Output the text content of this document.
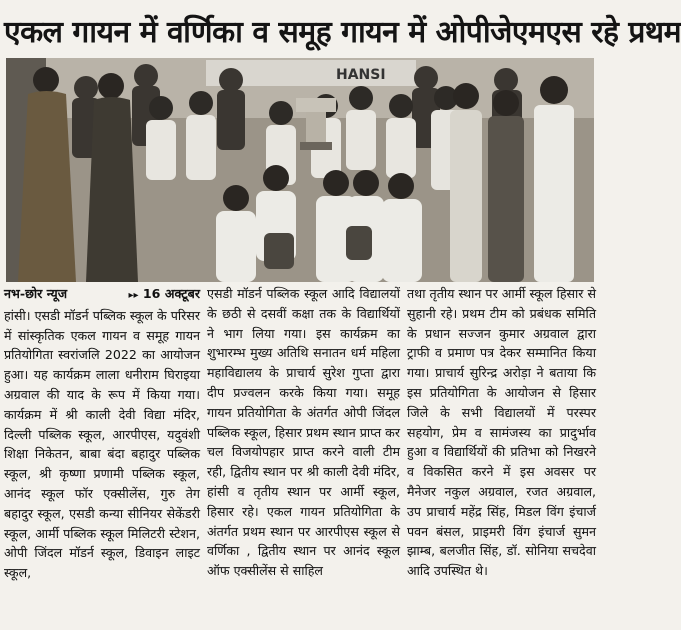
एकल गायन में वर्णिका व समूह गायन में ओपीजेएमएस रहे प्रथम
HANSI
नभ-छोर न्यूज	▸▸ 16 अक्टूबर

हांसी। एसडी मॉडर्न पब्लिक स्कूल के परिसर में सांस्कृतिक एकल गायन व समूह गायन प्रतियोगिता स्वरांजलि 2022 का आयोजन हुआ। यह कार्यक्रम लाला धनीराम घिराइया अग्रवाल की याद के रूप में किया गया। कार्यक्रम में श्री काली देवी विद्या मंदिर, दिल्ली पब्लिक स्कूल, आरपीएस, यदुवंशी शिक्षा निकेतन, बाबा बंदा बहादुर पब्लिक स्कूल, श्री कृष्णा प्रणामी पब्लिक स्कूल, आनंद स्कूल फॉर एक्सीलेंस, गुरु तेग बहादुर स्कूल, एसडी कन्या सीनियर सेकेंडरी स्कूल, आर्मी पब्लिक स्कूल मिलिटरी स्टेशन, ओपी जिंदल मॉडर्न स्कूल, डिवाइन लाइट स्कूल,

एसडी मॉडर्न पब्लिक स्कूल आदि विद्यालयों के छठी से दसवीं कक्षा तक के विद्यार्थियों ने भाग लिया गया। इस कार्यक्रम का शुभारम्भ मुख्य अतिथि सनातन धर्म महिला महाविद्यालय के प्राचार्य सुरेश गुप्ता द्वारा दीप प्रज्वलन करके किया गया। समूह गायन प्रतियोगिता के अंतर्गत ओपी जिंदल पब्लिक स्कूल, हिसार प्रथम स्थान प्राप्त कर चल विजयोपहार प्राप्त करने वाली टीम रही, द्वितीय स्थान पर श्री काली देवी मंदिर, हांसी व तृतीय स्थान पर आर्मी स्कूल, हिसार रहे। एकल गायन प्रतियोगिता के अंतर्गत प्रथम स्थान पर आरपीएस स्कूल से वर्णिका , द्वितीय स्थान पर आनंद स्कूल ऑफ एक्सीलेंस से साहिल

तथा तृतीय स्थान पर आर्मी स्कूल हिसार से सुहानी रहे। प्रथम टीम को प्रबंधक समिति के प्रधान सज्जन कुमार अग्रवाल द्वारा ट्राफी व प्रमाण पत्र देकर सम्मानित किया गया। प्राचार्य सुरिन्द्र अरोड़ा ने बताया कि इस प्रतियोगिता के आयोजन से हिसार जिले के सभी विद्यालयों में परस्पर सहयोग, प्रेम व सामंजस्य का प्रादुर्भाव हुआ व विद्यार्थियों की प्रतिभा को निखरने व विकसित करने में इस अवसर पर मैनेजर नकुल अग्रवाल, रजत अग्रवाल, उप प्राचार्य महेंद्र सिंह, मिडल विंग इंचार्ज पवन बंसल, प्राइमरी विंग इंचार्ज सुमन झाम्ब, बलजीत सिंह, डॉ. सोनिया सचदेवा आदि उपस्थित थे।
